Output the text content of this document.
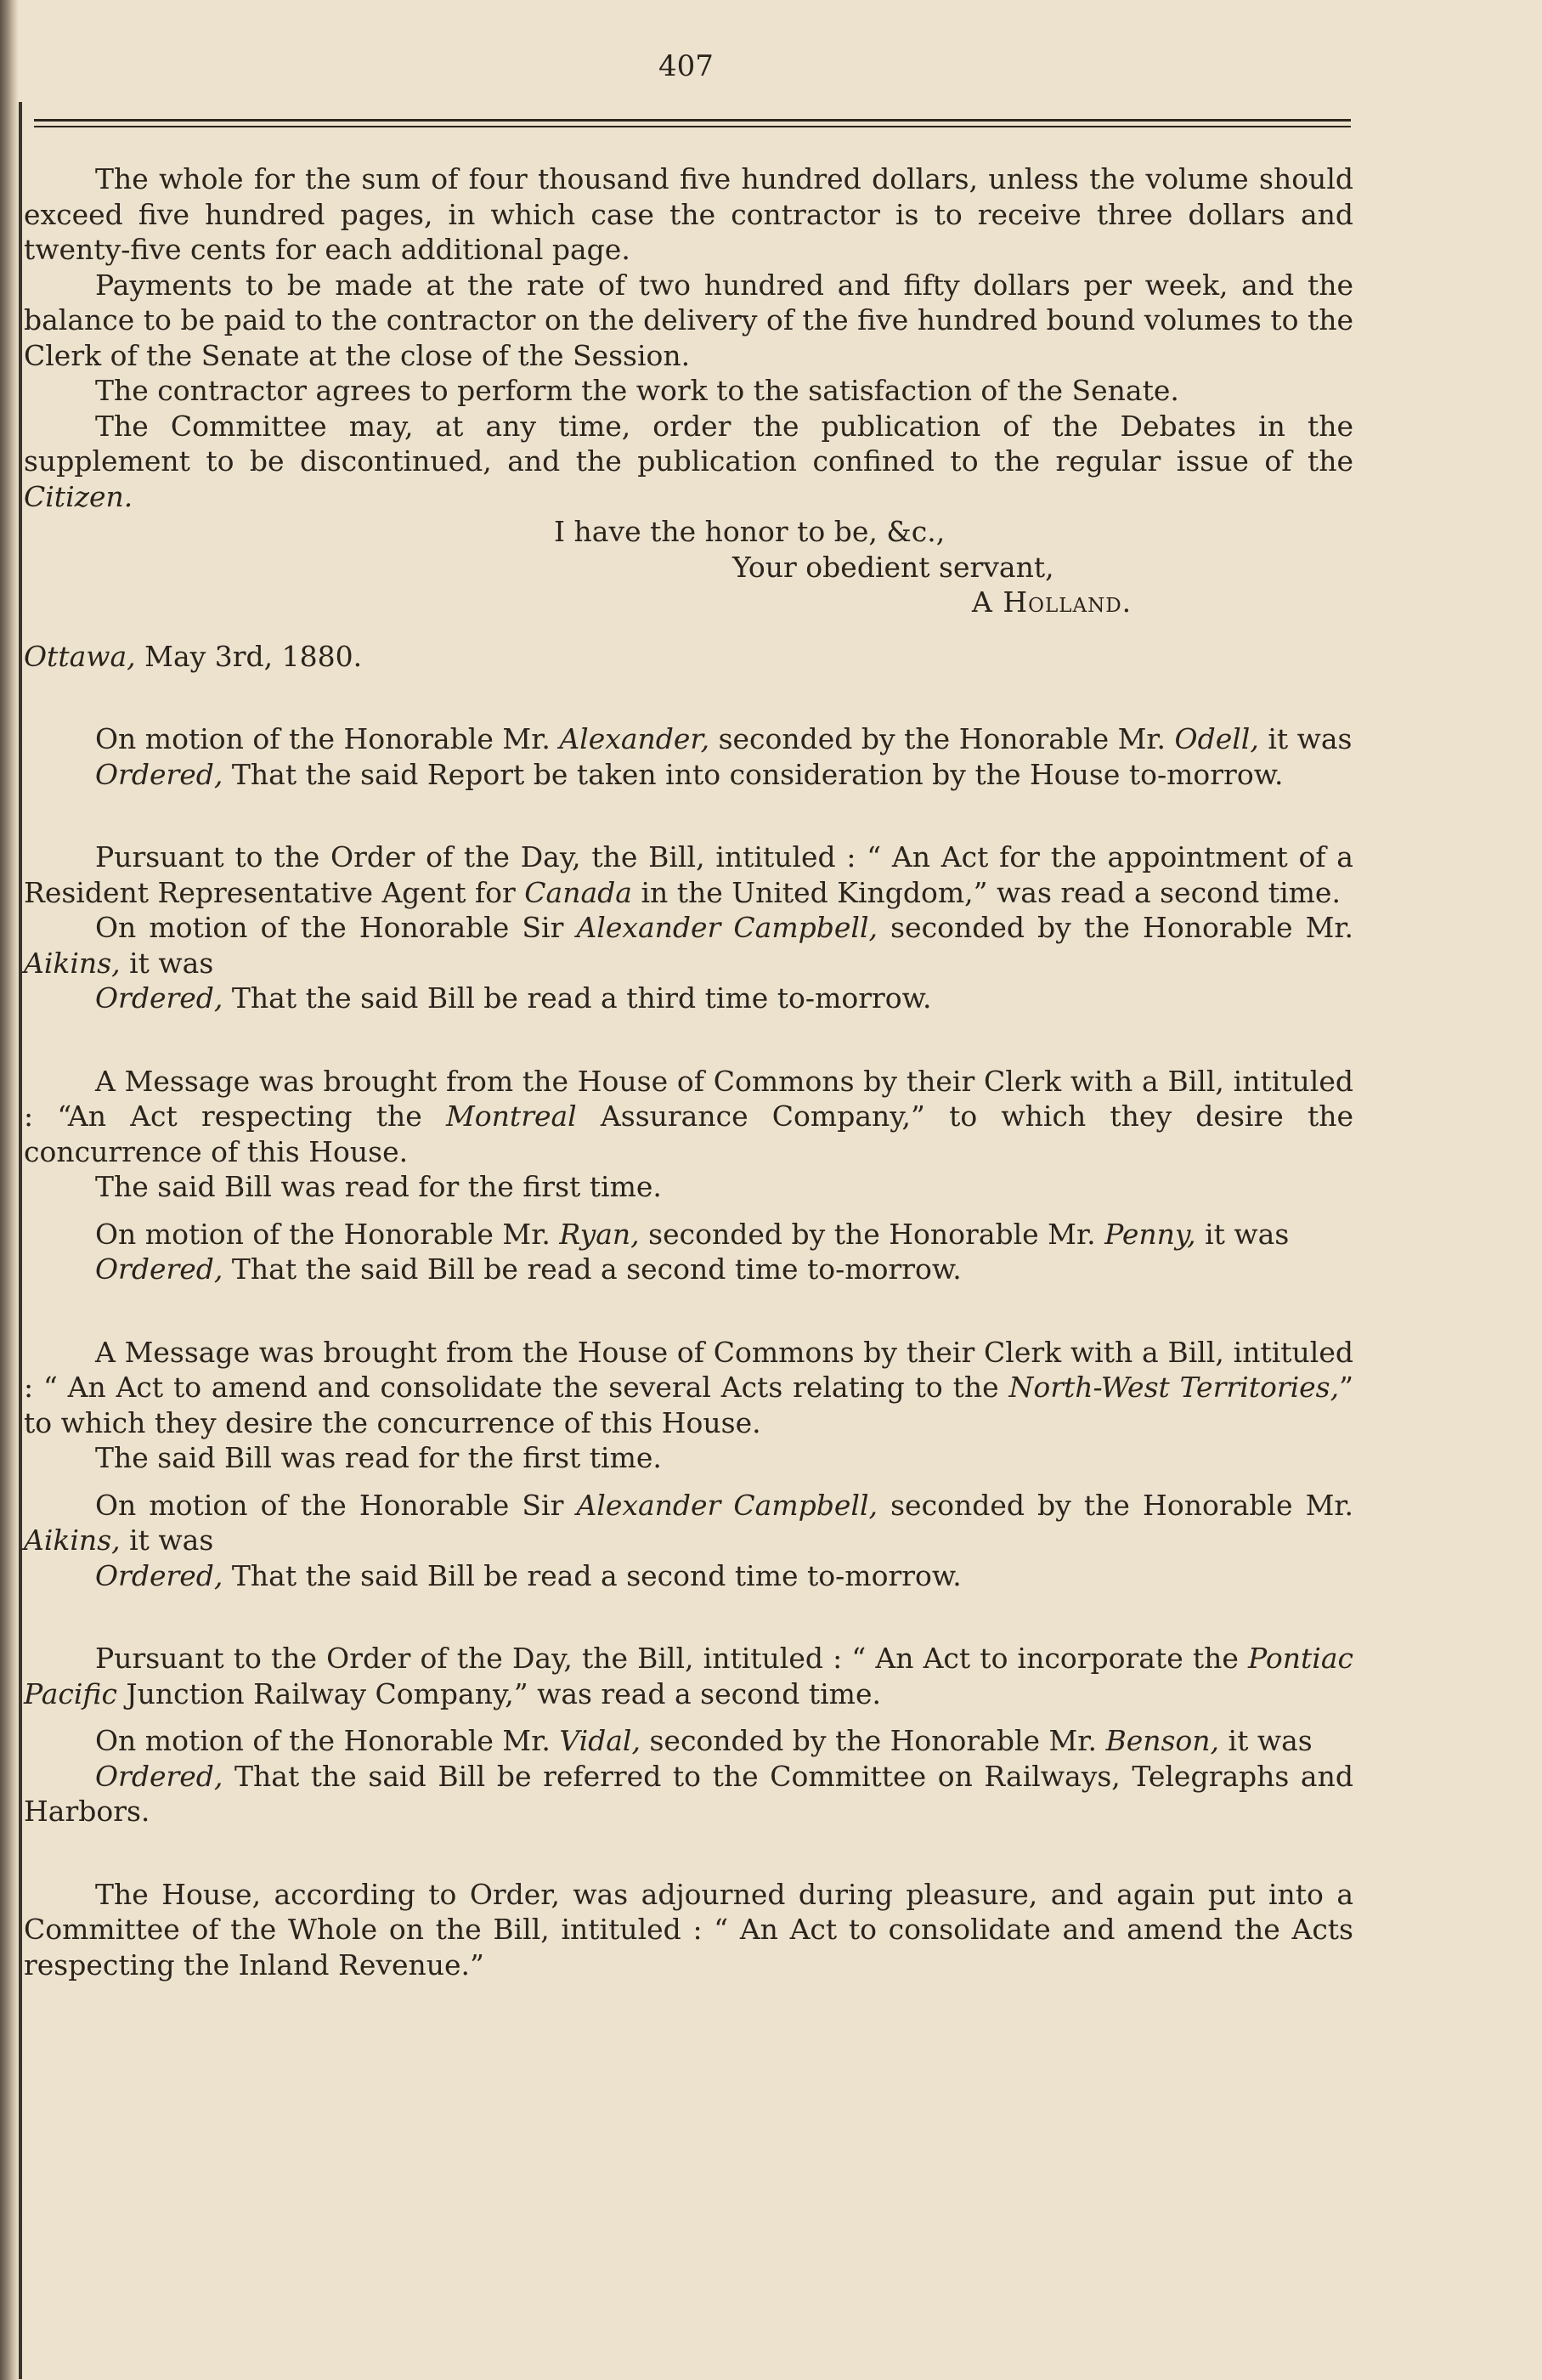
407

The whole for the sum of four thousand five hundred dollars, unless the volume should exceed five hundred pages, in which case the contractor is to receive three dollars and twenty-five cents for each additional page.

Payments to be made at the rate of two hundred and fifty dollars per week, and the balance to be paid to the contractor on the delivery of the five hundred bound volumes to the Clerk of the Senate at the close of the Session.

The contractor agrees to perform the work to the satisfaction of the Senate.

The Committee may, at any time, order the publication of the Debates in the supplement to be discontinued, and the publication confined to the regular issue of the Citizen.

I have the honor to be, &c.,

Your obedient servant,

A Holland.

Ottawa, May 3rd, 1880.

On motion of the Honorable Mr. Alexander, seconded by the Honorable Mr. Odell, it was

Ordered, That the said Report be taken into consideration by the House to-morrow.

Pursuant to the Order of the Day, the Bill, intituled : “ An Act for the appointment of a Resident Representative Agent for Canada in the United Kingdom,” was read a second time.

On motion of the Honorable Sir Alexander Campbell, seconded by the Honorable Mr. Aikins, it was

Ordered, That the said Bill be read a third time to-morrow.

A Message was brought from the House of Commons by their Clerk with a Bill, intituled : “An Act respecting the Montreal Assurance Company,” to which they desire the concurrence of this House.

The said Bill was read for the first time.

On motion of the Honorable Mr. Ryan, seconded by the Honorable Mr. Penny, it was

Ordered, That the said Bill be read a second time to-morrow.

A Message was brought from the House of Commons by their Clerk with a Bill, intituled : “ An Act to amend and consolidate the several Acts relating to the North-West Territories,” to which they desire the concurrence of this House.

The said Bill was read for the first time.

On motion of the Honorable Sir Alexander Campbell, seconded by the Honorable Mr. Aikins, it was

Ordered, That the said Bill be read a second time to-morrow.

Pursuant to the Order of the Day, the Bill, intituled : “ An Act to incorporate the Pontiac Pacific Junction Railway Company,” was read a second time.

On motion of the Honorable Mr. Vidal, seconded by the Honorable Mr. Benson, it was

Ordered, That the said Bill be referred to the Committee on Railways, Telegraphs and Harbors.

The House, according to Order, was adjourned during pleasure, and again put into a Committee of the Whole on the Bill, intituled : “ An Act to consolidate and amend the Acts respecting the Inland Revenue.”
